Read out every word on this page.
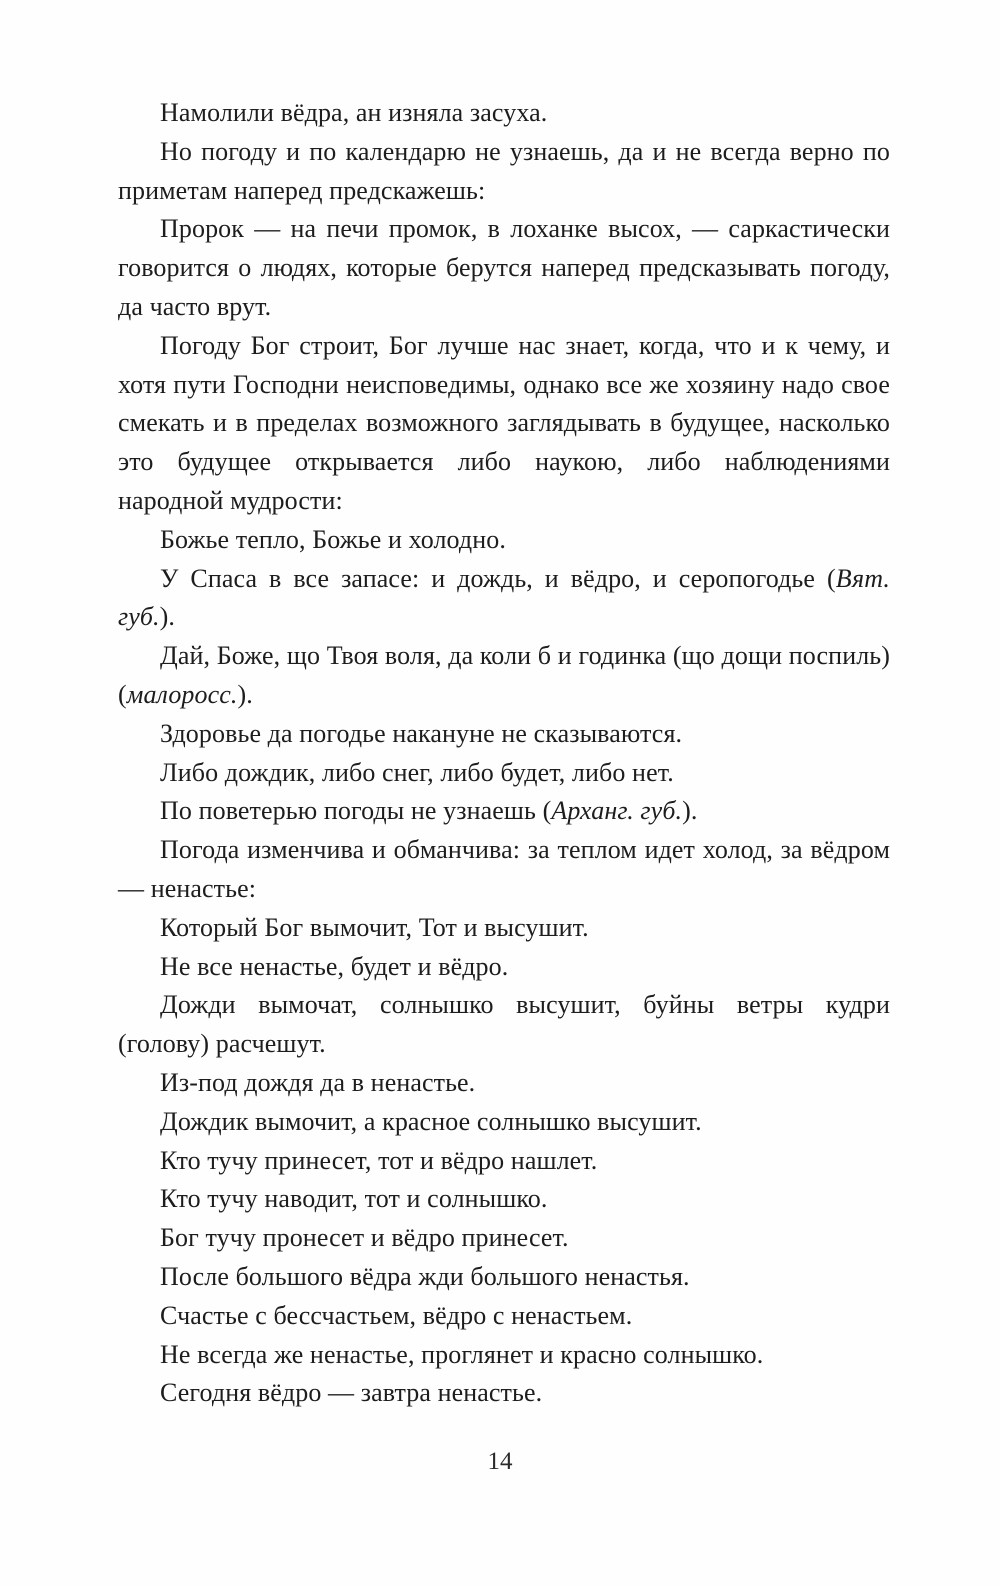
Намолили вёдра, ан изняла засуха.

Но погоду и по календарю не узнаешь, да и не всегда верно по приметам наперед предскажешь:

Пророк — на печи промок, в лоханке высох, — саркастически говорится о людях, которые берутся наперед предсказывать погоду, да часто врут.

Погоду Бог строит, Бог лучше нас знает, когда, что и к чему, и хотя пути Господни неисповедимы, однако все же хозяину надо свое смекать и в пределах возможного заглядывать в будущее, насколько это будущее открывается либо наукою, либо наблюдениями народной мудрости:

Божье тепло, Божье и холодно.

У Спаса в все запасе: и дождь, и вёдро, и серопогодье (Вят. губ.).

Дай, Боже, що Твоя воля, да коли б и годинка (що дощи поспиль) (малоросс.).

Здоровье да погодье накануне не сказываются.

Либо дождик, либо снег, либо будет, либо нет.

По поветерью погоды не узнаешь (Арханг. губ.).

Погода изменчива и обманчива: за теплом идет холод, за вёдром — ненастье:

Который Бог вымочит, Тот и высушит.

Не все ненастье, будет и вёдро.

Дожди вымочат, солнышко высушит, буйны ветры кудри (голову) расчешут.

Из-под дождя да в ненастье.

Дождик вымочит, а красное солнышко высушит.

Кто тучу принесет, тот и вёдро нашлет.

Кто тучу наводит, тот и солнышко.

Бог тучу пронесет и вёдро принесет.

После большого вёдра жди большого ненастья.

Счастье с бессчастьем, вёдро с ненастьем.

Не всегда же ненастье, проглянет и красно солнышко.

Сегодня вёдро — завтра ненастье.

14
